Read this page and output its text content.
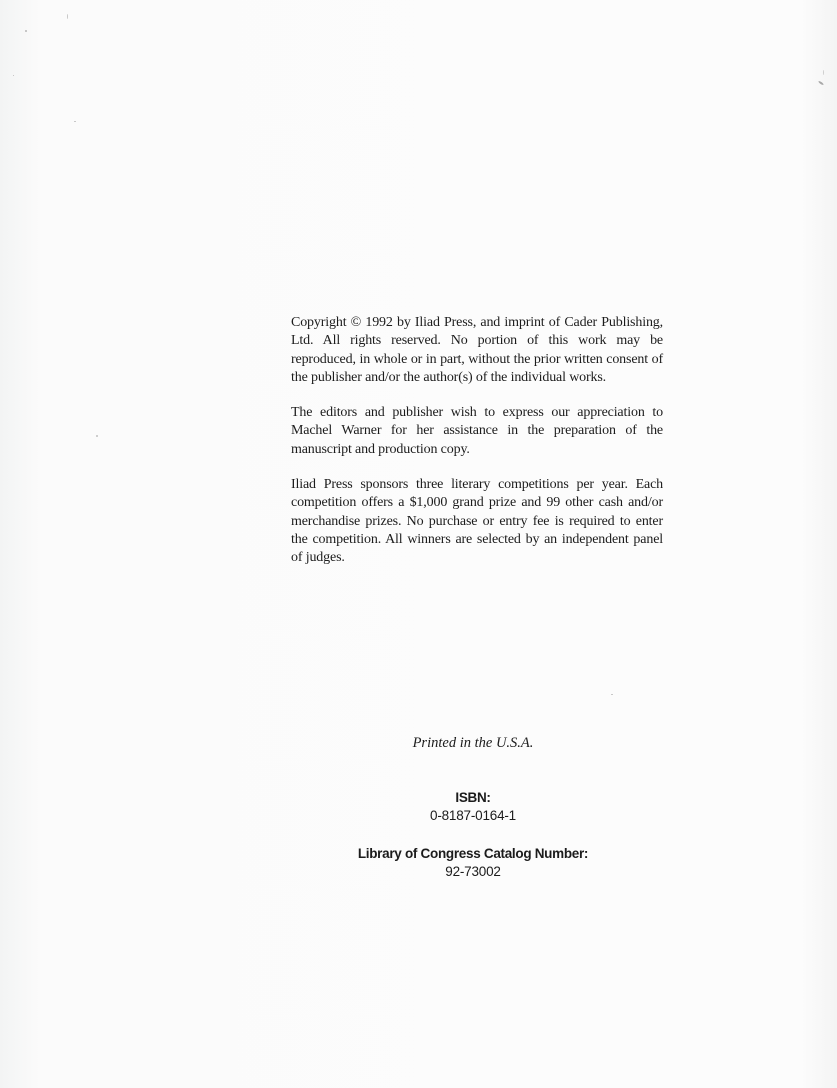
Copyright © 1992 by Iliad Press, and imprint of Cader Publishing, Ltd. All rights reserved. No portion of this work may be reproduced, in whole or in part, without the prior written consent of the publisher and/or the author(s) of the individual works.

The editors and publisher wish to express our appreciation to Machel Warner for her assistance in the preparation of the manuscript and production copy.

Iliad Press sponsors three literary competitions per year. Each competition offers a $1,000 grand prize and 99 other cash and/or merchandise prizes. No purchase or entry fee is required to enter the competition. All winners are selected by an independent panel of judges.

Printed in the U.S.A.
ISBN:
0-8187-0164-1
Library of Congress Catalog Number:
92-73002
